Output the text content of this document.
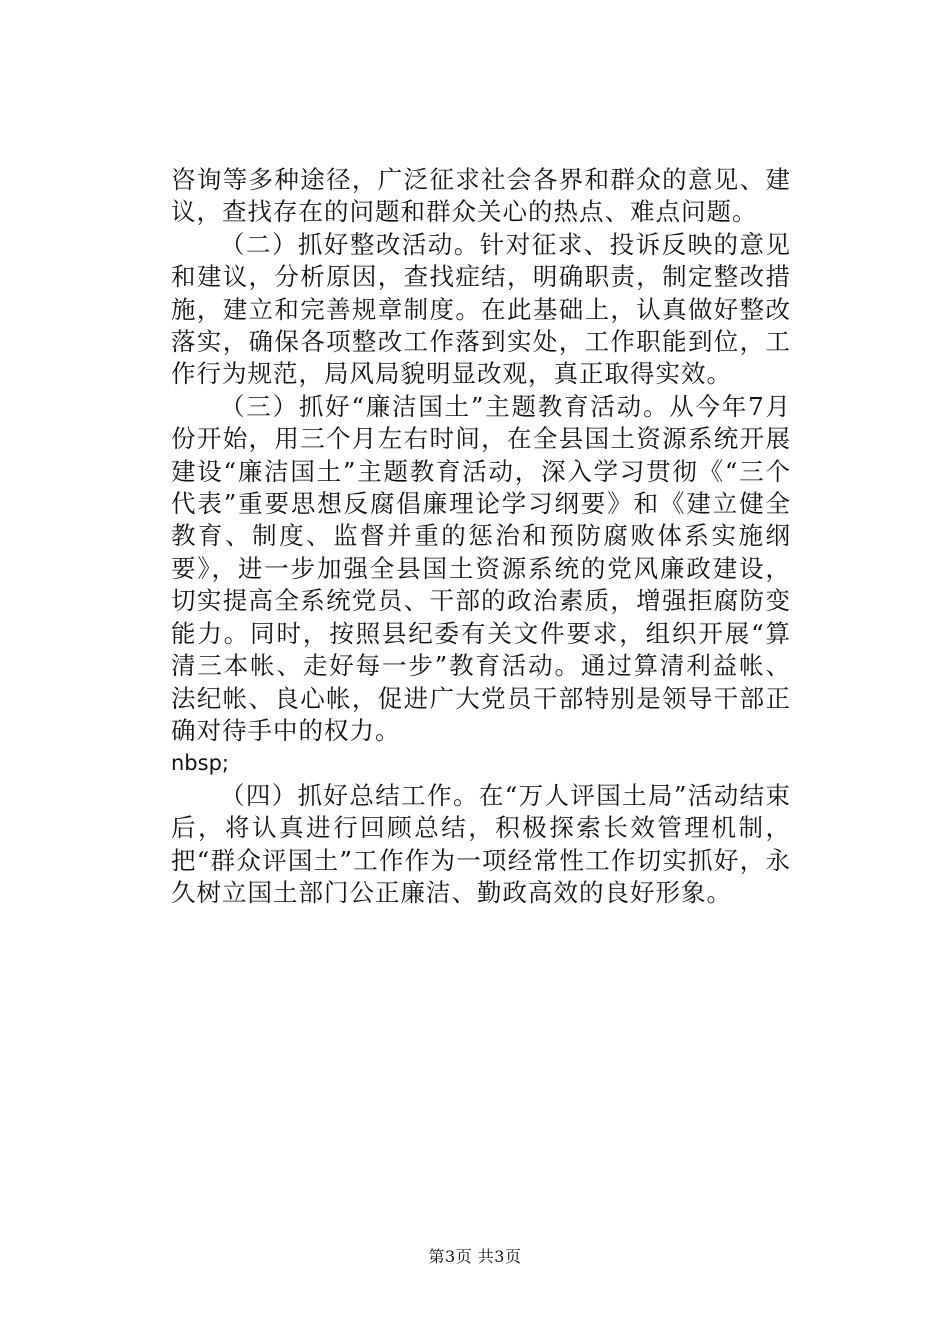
咨询等多种途径，广泛征求社会各界和群众的意见、建议，查找存在的问题和群众关心的热点、难点问题。

（二）抓好整改活动。针对征求、投诉反映的意见和建议，分析原因，查找症结，明确职责，制定整改措施，建立和完善规章制度。在此基础上，认真做好整改落实，确保各项整改工作落到实处，工作职能到位，工作行为规范，局风局貌明显改观，真正取得实效。

（三）抓好“廉洁国土”主题教育活动。从今年7月份开始，用三个月左右时间，在全县国土资源系统开展建设“廉洁国土”主题教育活动，深入学习贯彻《“三个代表”重要思想反腐倡廉理论学习纲要》和《建立健全教育、制度、监督并重的惩治和预防腐败体系实施纲要》，进一步加强全县国土资源系统的党风廉政建设，切实提高全系统党员、干部的政治素质，增强拒腐防变能力。同时，按照县纪委有关文件要求，组织开展“算清三本帐、走好每一步”教育活动。通过算清利益帐、法纪帐、良心帐，促进广大党员干部特别是领导干部正确对待手中的权力。

nbsp;

（四）抓好总结工作。在“万人评国土局”活动结束后，将认真进行回顾总结，积极探索长效管理机制，把“群众评国土”工作作为一项经常性工作切实抓好，永久树立国土部门公正廉洁、勤政高效的良好形象。

第3页 共3页
